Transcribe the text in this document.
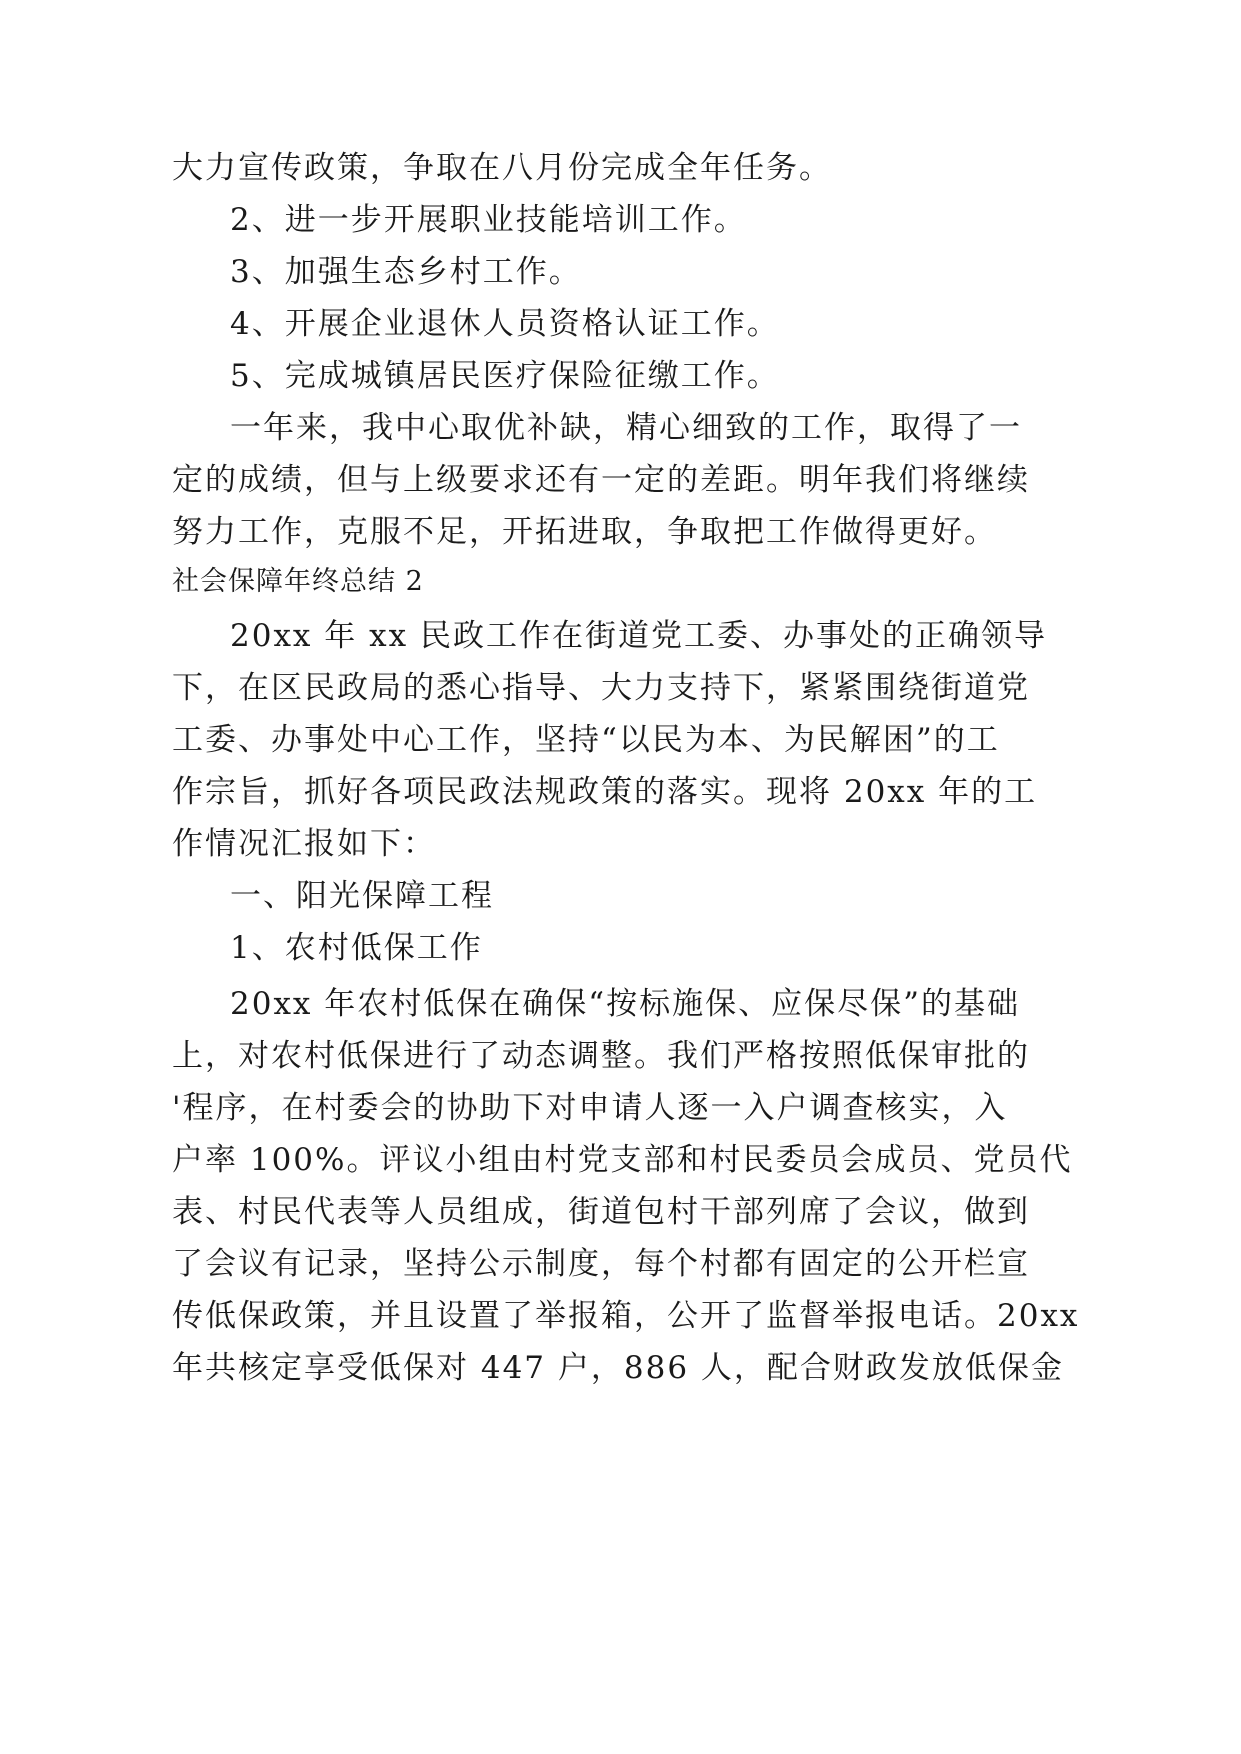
大力宣传政策，争取在八月份完成全年任务。
2、进一步开展职业技能培训工作。
3、加强生态乡村工作。
4、开展企业退休人员资格认证工作。
5、完成城镇居民医疗保险征缴工作。
一年来，我中心取优补缺，精心细致的工作，取得了一
定的成绩，但与上级要求还有一定的差距。明年我们将继续
努力工作，克服不足，开拓进取，争取把工作做得更好。
社会保障年终总结 2
20xx 年 xx 民政工作在街道党工委、办事处的正确领导
下，在区民政局的悉心指导、大力支持下，紧紧围绕街道党
工委、办事处中心工作，坚持“以民为本、为民解困”的工
作宗旨，抓好各项民政法规政策的落实。现将 20xx 年的工
作情况汇报如下：
一、阳光保障工程
1、农村低保工作
20xx 年农村低保在确保“按标施保、应保尽保”的基础
上，对农村低保进行了动态调整。我们严格按照低保审批的
'程序，在村委会的协助下对申请人逐一入户调查核实，入
户率 100%。评议小组由村党支部和村民委员会成员、党员代
表、村民代表等人员组成，街道包村干部列席了会议，做到
了会议有记录，坚持公示制度，每个村都有固定的公开栏宣
传低保政策，并且设置了举报箱，公开了监督举报电话。20xx
年共核定享受低保对 447 户，886 人，配合财政发放低保金
